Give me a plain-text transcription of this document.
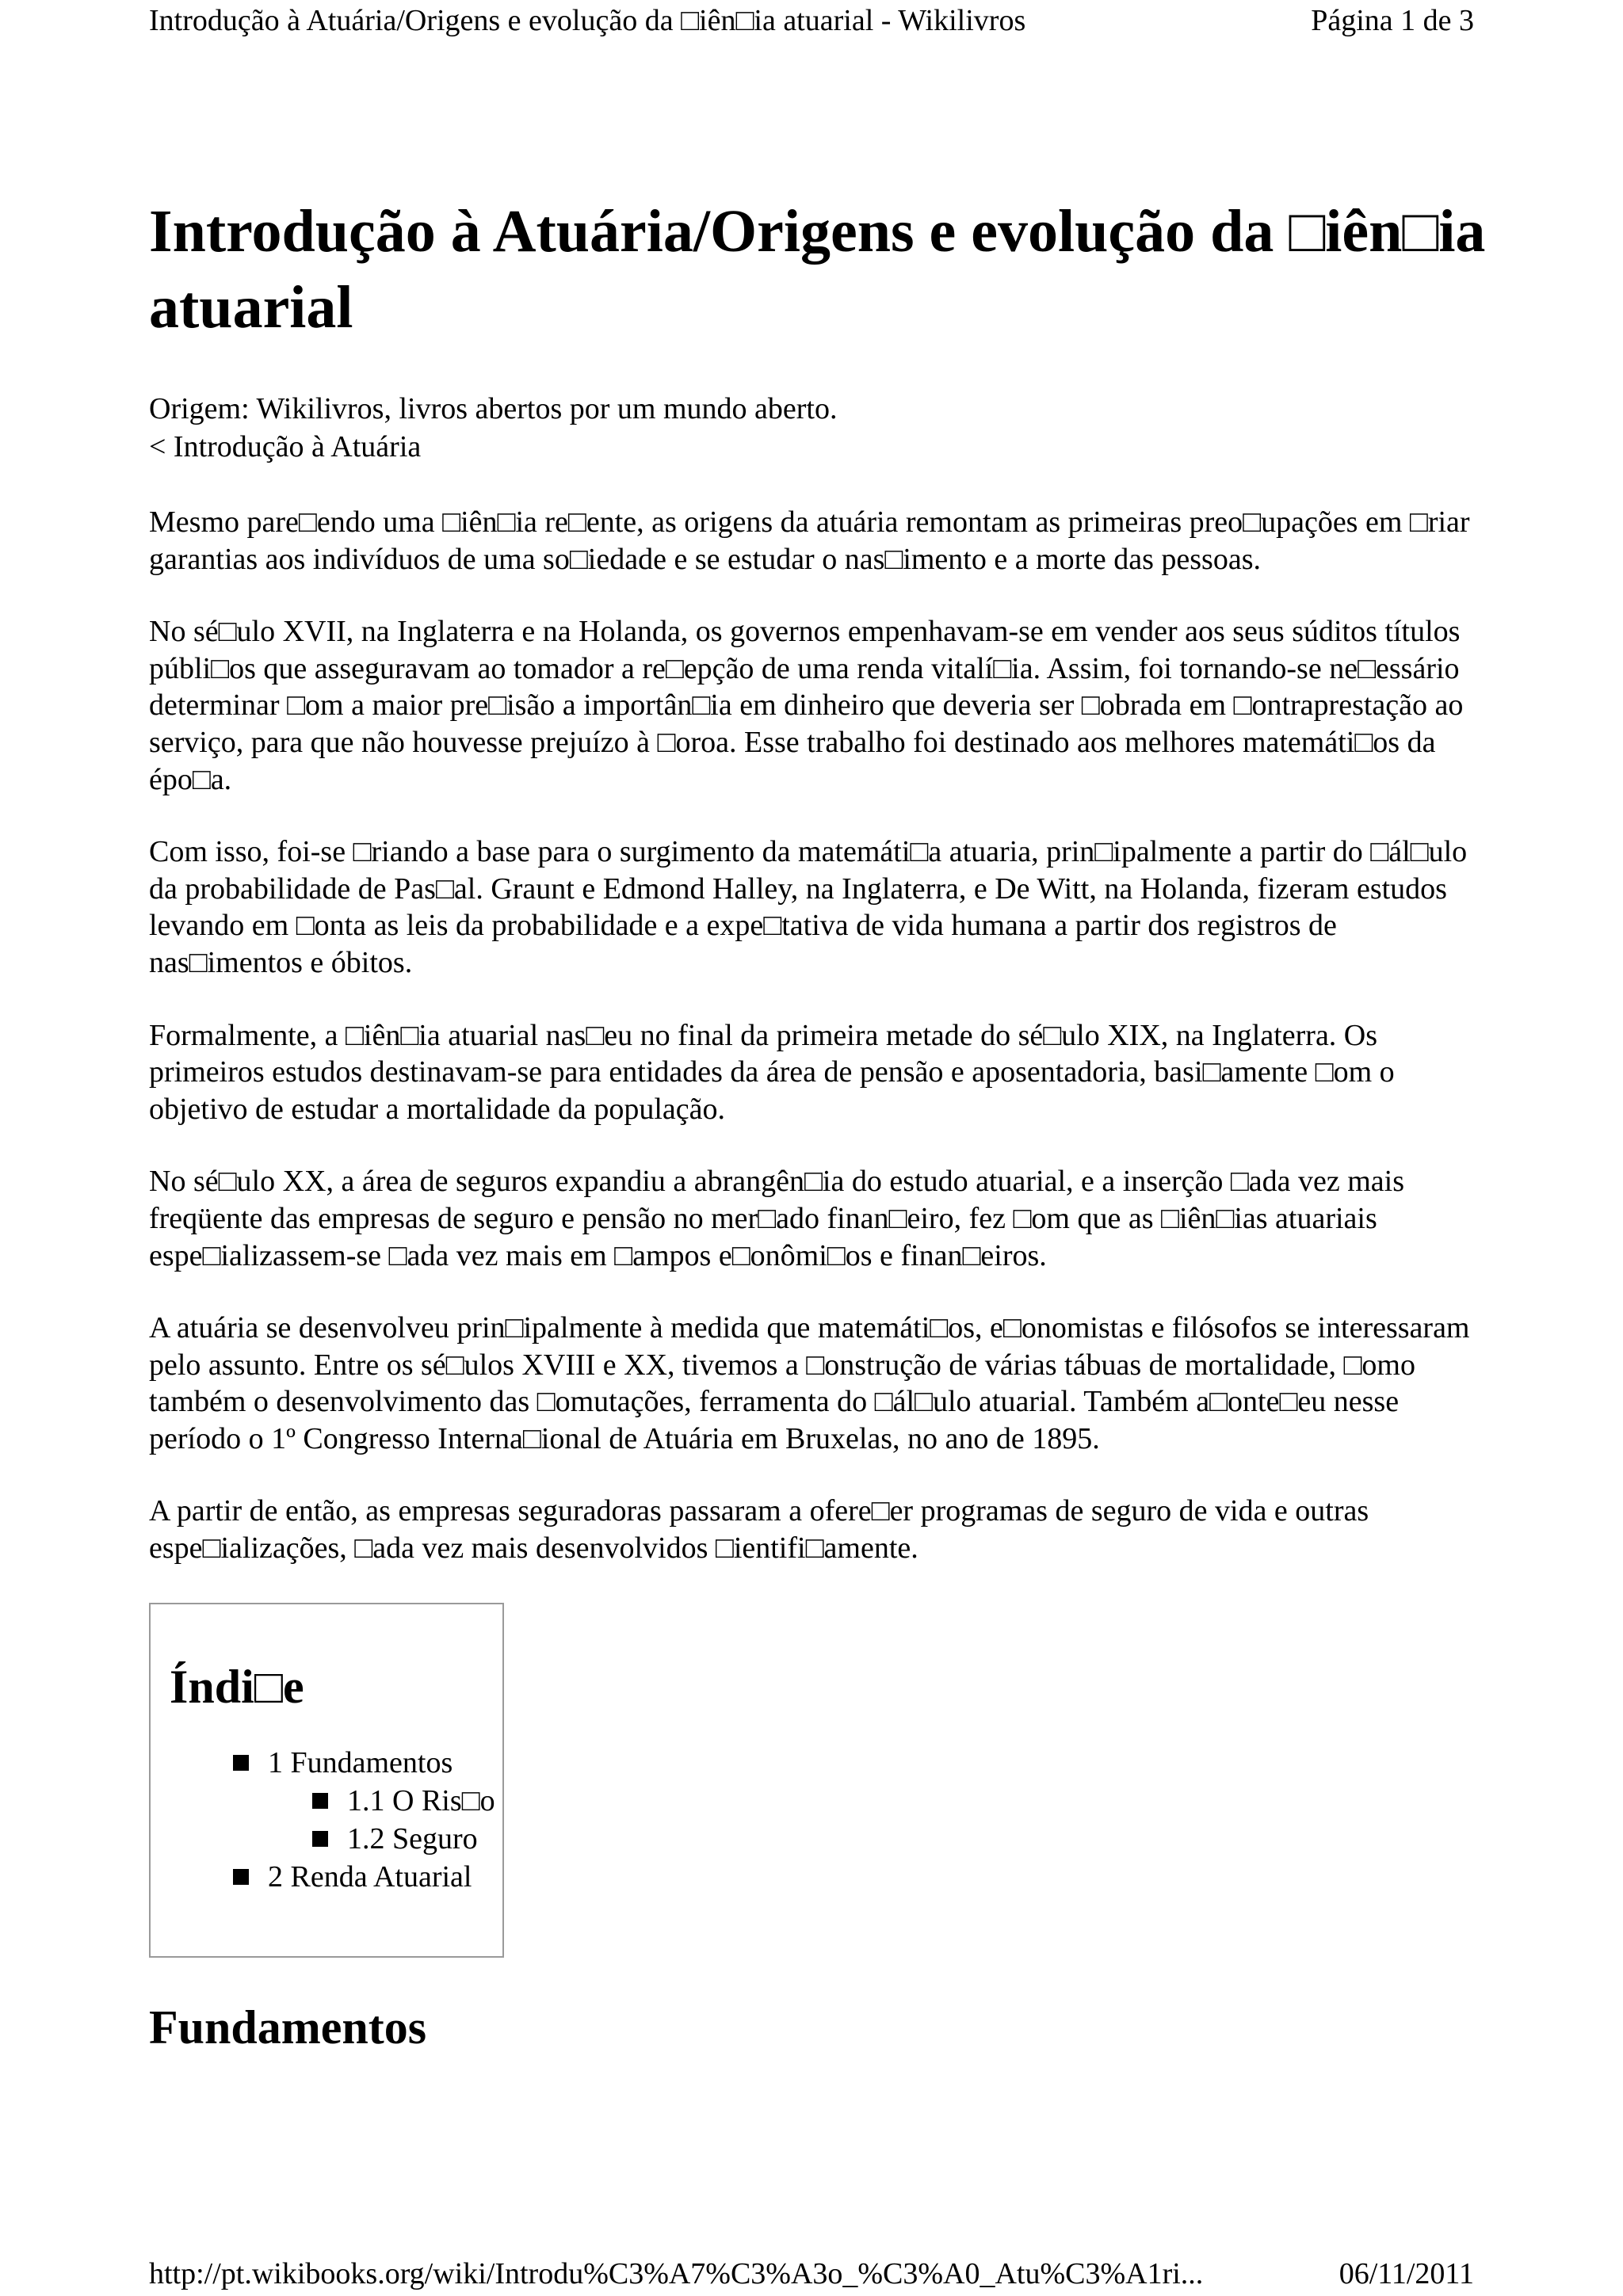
Introdução à Atuária/Origens e evolução da □iên□ia atuarial - Wikilivros	Página 1 de 3
Introdução à Atuária/Origens e evolução da □iên□ia atuarial
Origem: Wikilivros, livros abertos por um mundo aberto.
< Introdução à Atuária

Mesmo pare□endo uma □iên□ia re□ente, as origens da atuária remontam as primeiras preo□upações em □riar garantias aos indivíduos de uma so□iedade e se estudar o nas□imento e a morte das pessoas.

No sé□ulo XVII, na Inglaterra e na Holanda, os governos empenhavam-se em vender aos seus súditos títulos públi□os que asseguravam ao tomador a re□epção de uma renda vitalí□ia. Assim, foi tornando-se ne□essário determinar □om a maior pre□isão a importân□ia em dinheiro que deveria ser □obrada em □ontraprestação ao serviço, para que não houvesse prejuízo à □oroa. Esse trabalho foi destinado aos melhores matemáti□os da épo□a.

Com isso, foi-se □riando a base para o surgimento da matemáti□a atuaria, prin□ipalmente a partir do □ál□ulo da probabilidade de Pas□al. Graunt e Edmond Halley, na Inglaterra, e De Witt, na Holanda, fizeram estudos levando em □onta as leis da probabilidade e a expe□tativa de vida humana a partir dos registros de nas□imentos e óbitos.

Formalmente, a □iên□ia atuarial nas□eu no final da primeira metade do sé□ulo XIX, na Inglaterra. Os primeiros estudos destinavam-se para entidades da área de pensão e aposentadoria, basi□amente □om o objetivo de estudar a mortalidade da população.

No sé□ulo XX, a área de seguros expandiu a abrangên□ia do estudo atuarial, e a inserção □ada vez mais freqüente das empresas de seguro e pensão no mer□ado finan□eiro, fez □om que as □iên□ias atuariais espe□ializassem-se □ada vez mais em □ampos e□onômi□os e finan□eiros.

A atuária se desenvolveu prin□ipalmente à medida que matemáti□os, e□onomistas e filósofos se interessaram pelo assunto. Entre os sé□ulos XVIII e XX, tivemos a □onstrução de várias tábuas de mortalidade, □omo também o desenvolvimento das □omutações, ferramenta do □ál□ulo atuarial. Também a□onte□eu nesse período o 1º Congresso Interna□ional de Atuária em Bruxelas, no ano de 1895.

A partir de então, as empresas seguradoras passaram a ofere□er programas de seguro de vida e outras espe□ializações, □ada vez mais desenvolvidos □ientifi□amente.

Índi□e
1 Fundamentos
1.1 O Ris□o
1.2 Seguro
2 Renda Atuarial
Fundamentos
http://pt.wikibooks.org/wiki/Introdu%C3%A7%C3%A3o_%C3%A0_Atu%C3%A1ri...	06/11/2011
